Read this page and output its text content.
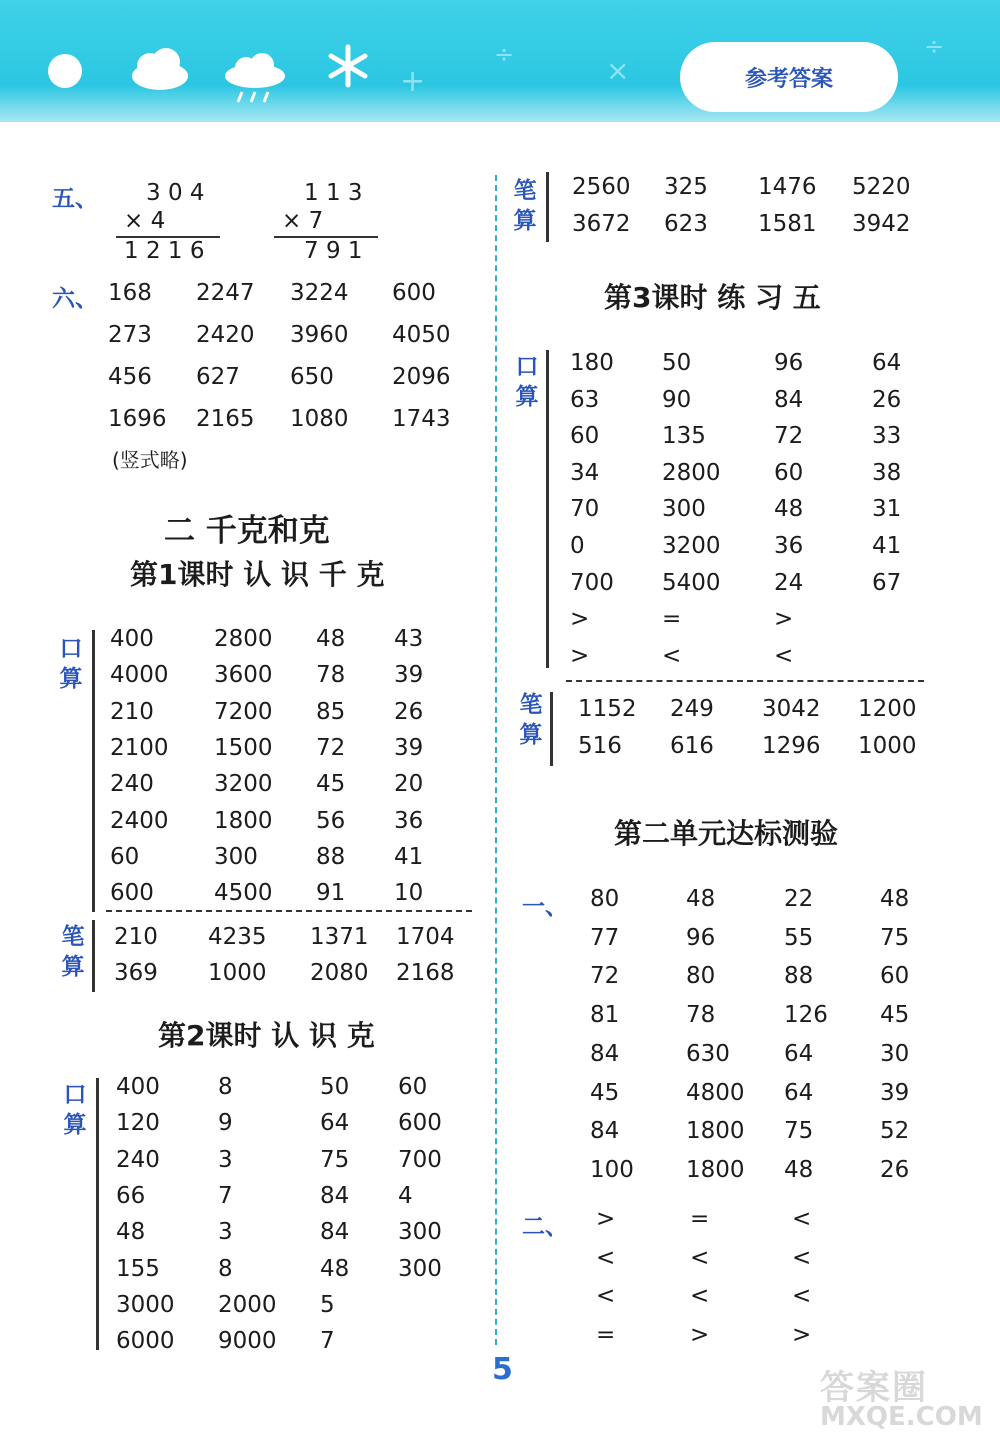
+
÷	×
÷
参考答案
五、 3 0 4
× 4
1 2 1 6
1 1 3
× 7
7 9 1
六、 168 2247 3224 600
273 2420 3960 4050
456 627 650	2096
1696 2165 1080 1743
(竖式略)
二 千克和克
第1课时 认 识 千 克
口算
400	2800 48 43
4000 3600 78 39
210	7200 85 26
2100 1500 72 39
240	3200 45 20
2400 1800 56 36
60	300	88 41
600	4500 91 10
笔算
210 4235 1371 1704
369 1000 2080 2168
第2课时 认 识 克
口算
400	8	50 60
120	9	64 600
240	3	75 700
66	7	84 4
48	3	84 300
155	8	48 300
3000 2000 5
6000 9000 7
笔算
2560 325 1476 5220
3672 623 1581 3942
第3课时 练 习 五
口算
180 50	96	64
63	90	84	26
60	135	72	33
34	2800 60	38
70	300	48	31
0	3200 36	41
700 5400 24	67
>	=	>
>	<	<
笔算
1152 249 3042 1200
516 616 1296 1000
第二单元达标测验
一、 80	48	22	48
77	96	55	75
72	80	88	60
81	78	126 45
84	630 64	30
45	4800 64	39
84	1800 75	52
100 1800 48	26
二、 >	=	<
<	<	<
<	<	<
=	>	>
5	答案圈
MXQE.COM
